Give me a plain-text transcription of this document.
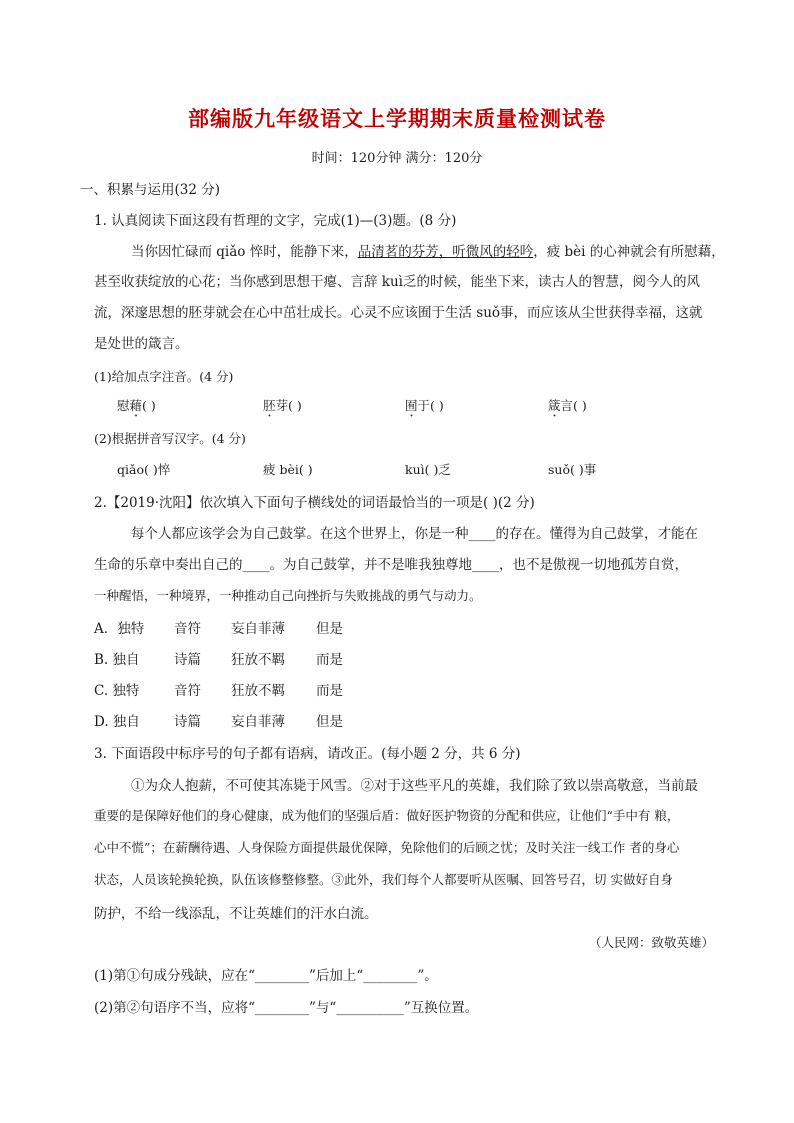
部编版九年级语文上学期期末质量检测试卷
时间：120分钟 满分：120分
一、积累与运用(32 分)
1. 认真阅读下面这段有哲理的文字，完成(1)—(3)题。(8 分)
当你因忙碌而 qiǎo 悴时，能静下来，品清茗的芬芳，听微风的轻吟，疲 bèi 的心神就会有所慰藉，
甚至收获绽放的心花；当你感到思想干瘪、言辞 kuì乏的时候，能坐下来，读古人的智慧，阅今人的风
流，深邃思想的胚芽就会在心中茁壮成长。心灵不应该囿于生活 suǒ事，而应该从尘世获得幸福，这就
是处世的箴言。
(1)给加点字注音。(4 分)
慰藉( )	胚芽( )	囿于( )	箴言( )
(2)根据拼音写汉字。(4 分)
qiǎo( )悴	疲 bèi( )	kuì( )乏	suǒ( )事
2.【2019·沈阳】依次填入下面句子横线处的词语最恰当的一项是( )(2 分)
每个人都应该学会为自己鼓掌。在这个世界上，你是一种____的存在。懂得为自己鼓掌，才能在
生命的乐章中奏出自己的____。为自己鼓掌，并不是唯我独尊地____，也不是傲视一切地孤芳自赏，
一种醒悟，一种境界，一种推动自己向挫折与失败挑战的勇气与动力。
A．独特 音符 妄自菲薄 但是
B. 独自	诗篇 狂放不羁 而是
C. 独特	音符 狂放不羁 而是
D. 独自	诗篇 妄自菲薄 但是
3. 下面语段中标序号的句子都有语病，请改正。(每小题 2 分，共 6 分)
①为众人抱薪，不可使其冻毙于风雪。②对于这些平凡的英雄，我们除了致以崇高敬意，当前最
重要的是保障好他们的身心健康，成为他们的坚强后盾：做好医护物资的分配和供应，让他们“手中有 粮，
心中不慌”；在薪酬待遇、人身保险方面提供最优保障，免除他们的后顾之忧；及时关注一线工作 者的身心
状态，人员该轮换轮换，队伍该修整修整。③此外，我们每个人都要听从医嘱、回答号召，切 实做好自身
防护，不给一线添乱，不让英雄们的汗水白流。
（人民网：致敬英雄）
(1)第①句成分残缺，应在“________”后加上“________”。
(2)第②句语序不当，应将“________”与“__________”互换位置。
